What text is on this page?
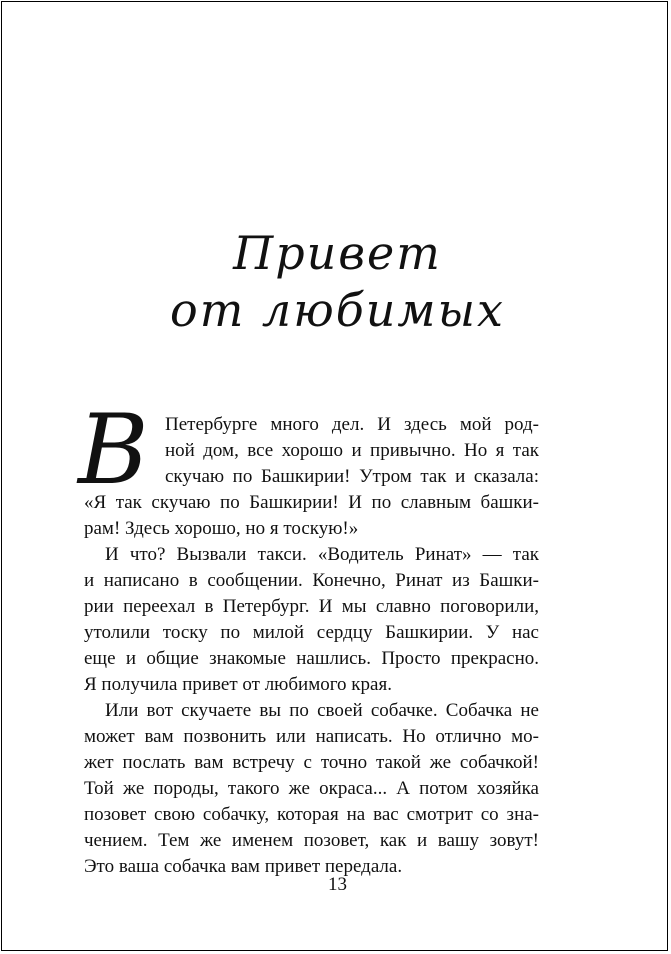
Привет
от любимых
В Петербурге много дел. И здесь мой род-
ной дом, все хорошо и привычно. Но я так
скучаю по Башкирии! Утром так и сказала:
«Я так скучаю по Башкирии! И по славным башки-
рам! Здесь хорошо, но я тоскую!»
И что? Вызвали такси. «Водитель Ринат» — так
и написано в сообщении. Конечно, Ринат из Башки-
рии переехал в Петербург. И мы славно поговорили,
утолили тоску по милой сердцу Башкирии. У нас
еще и общие знакомые нашлись. Просто прекрасно.
Я получила привет от любимого края.
Или вот скучаете вы по своей собачке. Собачка не
может вам позвонить или написать. Но отлично мо-
жет послать вам встречу с точно такой же собачкой!
Той же породы, такого же окраса... А потом хозяйка
позовет свою собачку, которая на вас смотрит со зна-
чением. Тем же именем позовет, как и вашу зовут!
Это ваша собачка вам привет передала.
13
